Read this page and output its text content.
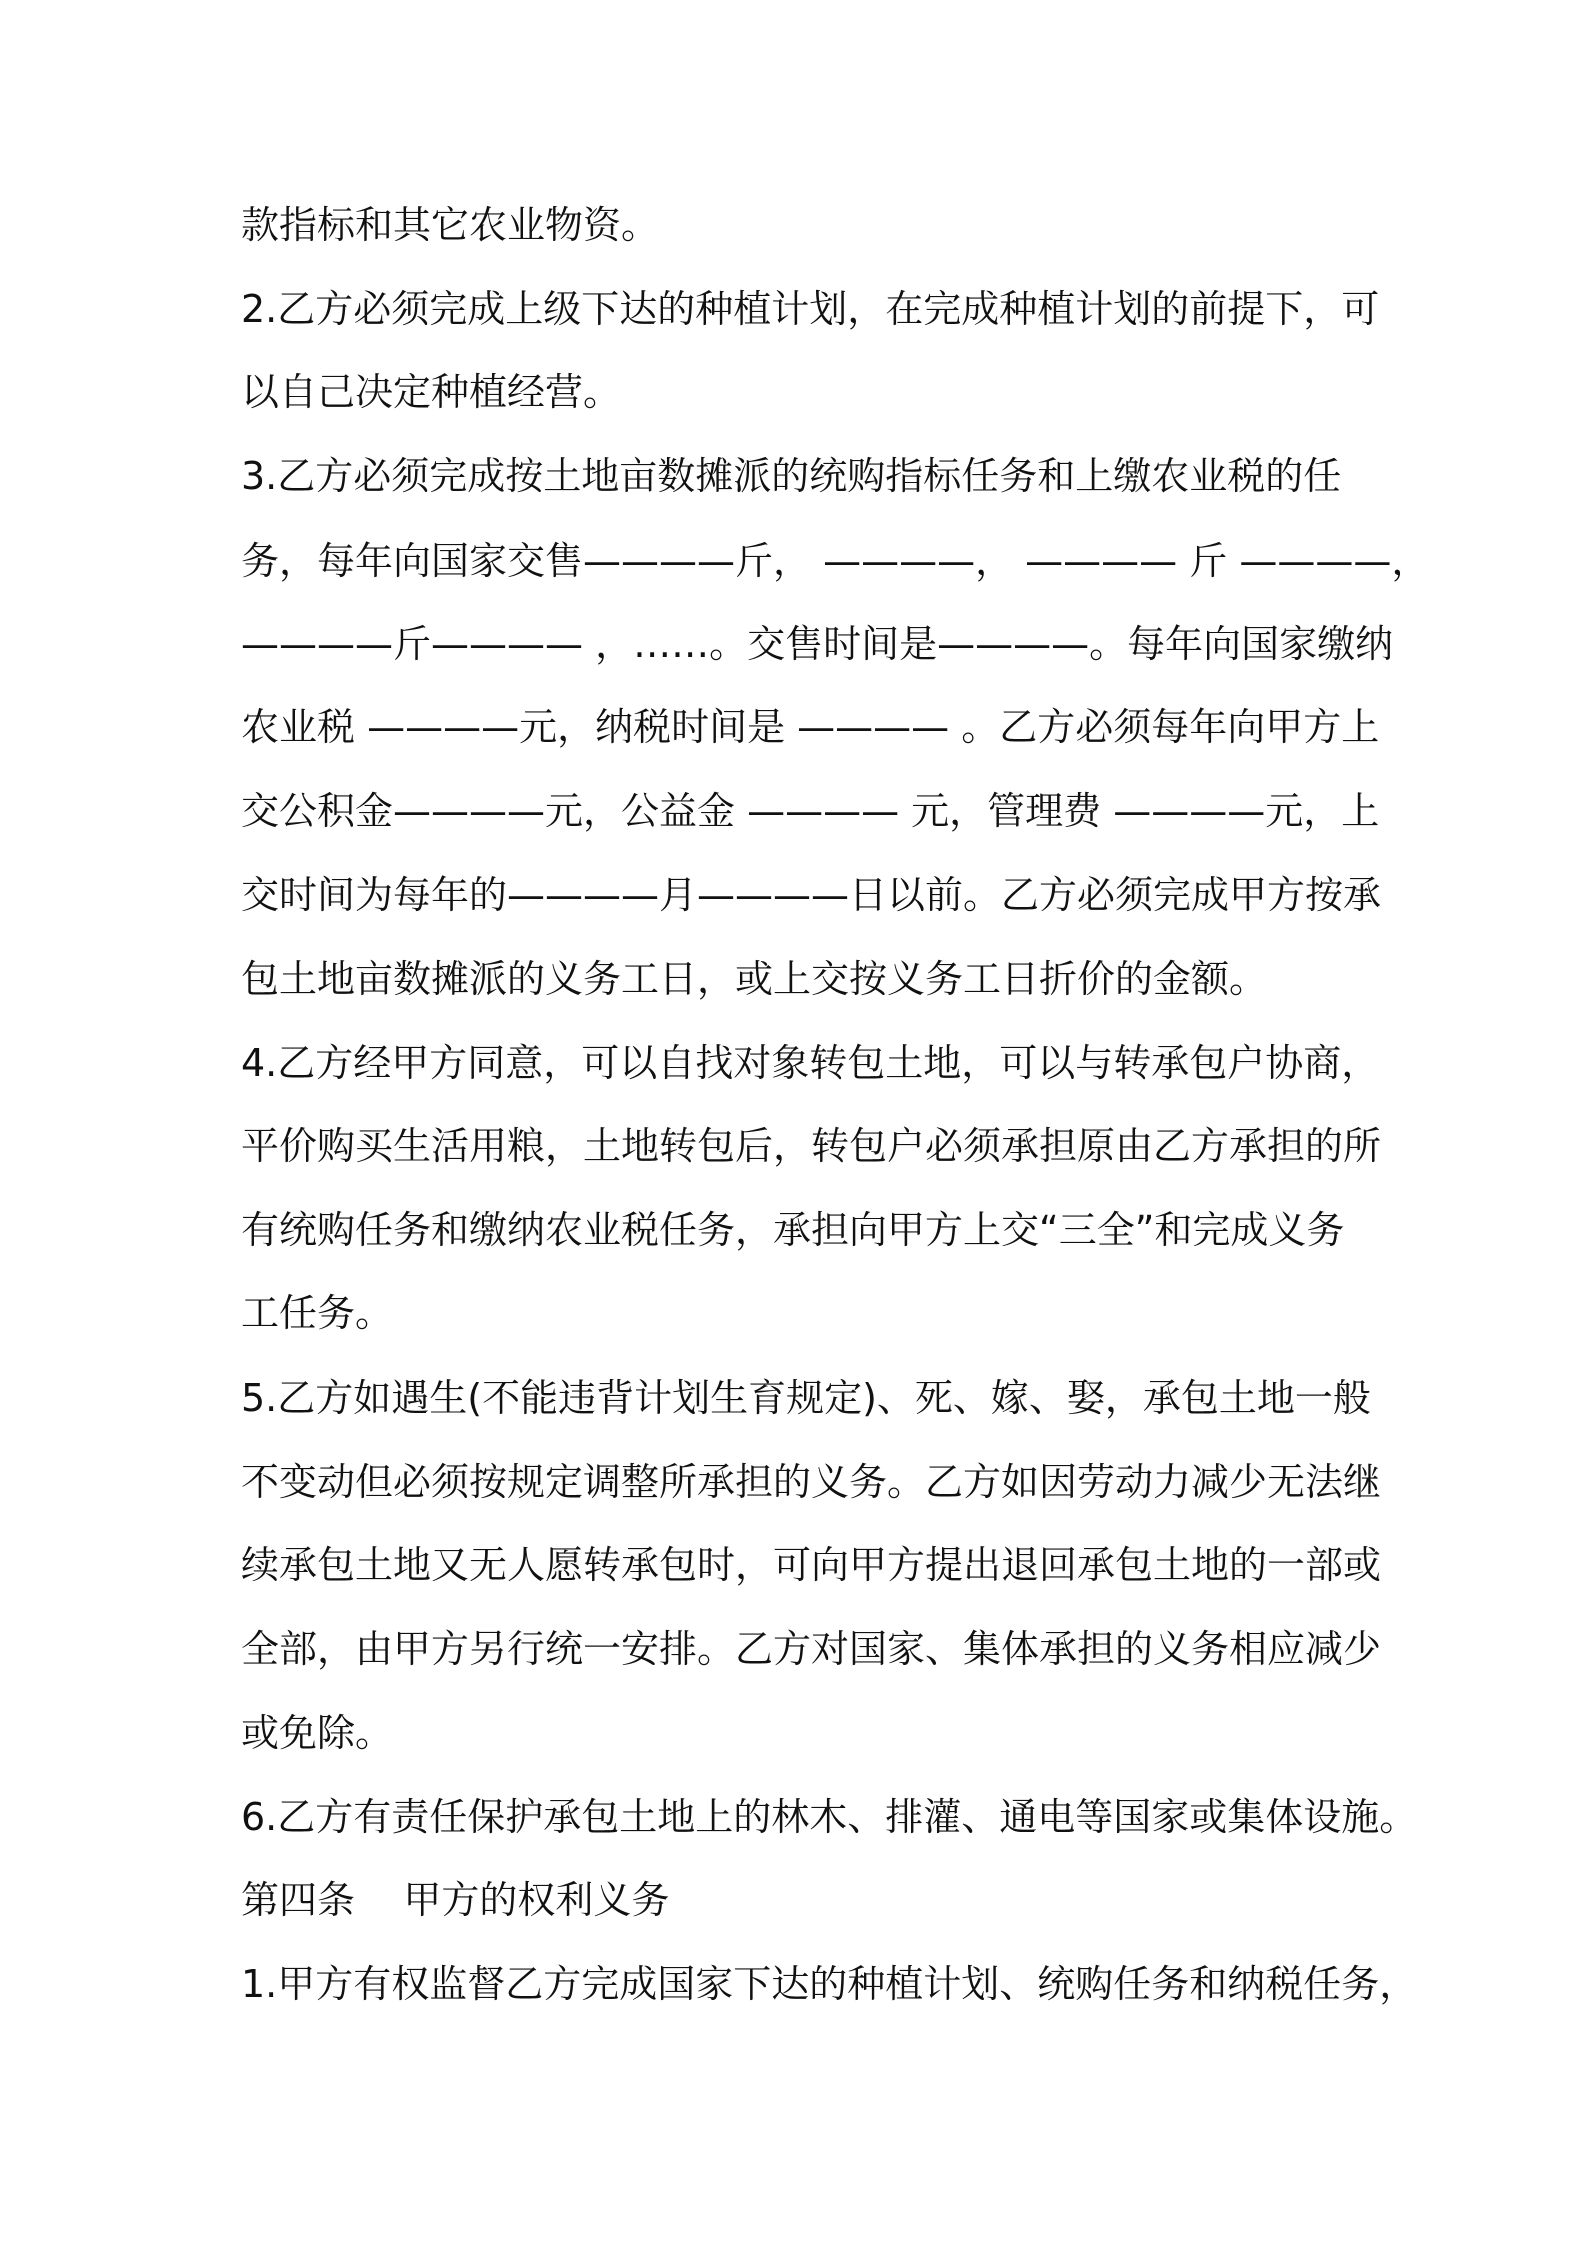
款指标和其它农业物资。

2.乙方必须完成上级下达的种植计划，在完成种植计划的前提下，可

以自己决定种植经营。

3.乙方必须完成按土地亩数摊派的统购指标任务和上缴农业税的任

务，每年向国家交售————斤， ————， ———— 斤 ————，

————斤———— ，……。交售时间是————。每年向国家缴纳

农业税 ————元，纳税时间是 ———— 。乙方必须每年向甲方上

交公积金————元，公益金 ———— 元，管理费 ————元，上

交时间为每年的————月————日以前。乙方必须完成甲方按承

包土地亩数摊派的义务工日，或上交按义务工日折价的金额。

4.乙方经甲方同意，可以自找对象转包土地，可以与转承包户协商，

平价购买生活用粮，土地转包后，转包户必须承担原由乙方承担的所

有统购任务和缴纳农业税任务，承担向甲方上交“三全”和完成义务

工任务。

5.乙方如遇生(不能违背计划生育规定)、死、嫁、娶，承包土地一般

不变动但必须按规定调整所承担的义务。乙方如因劳动力减少无法继

续承包土地又无人愿转承包时，可向甲方提出退回承包土地的一部或

全部，由甲方另行统一安排。乙方对国家、集体承担的义务相应减少

或免除。

6.乙方有责任保护承包土地上的林木、排灌、通电等国家或集体设施。

第四条    甲方的权利义务

1.甲方有权监督乙方完成国家下达的种植计划、统购任务和纳税任务，
